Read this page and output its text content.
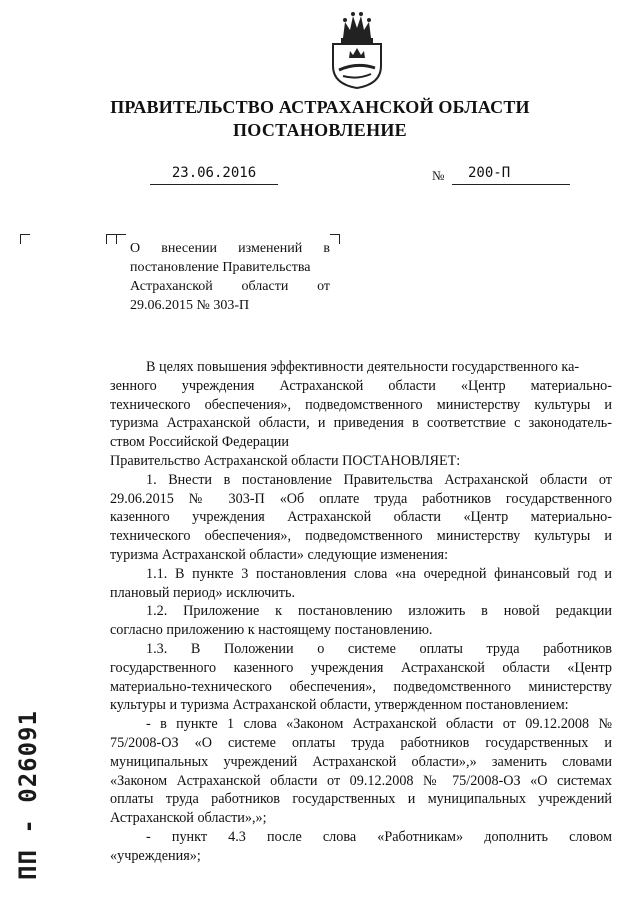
ПРАВИТЕЛЬСТВО АСТРАХАНСКОЙ ОБЛАСТИ
ПОСТАНОВЛЕНИЕ
23.06.2016	№	200-П
О внесении изменений в
постановление Правительства
Астраханской области от
29.06.2015 № 303-П
В целях повышения эффективности деятельности государственного ка-
зенного учреждения Астраханской области «Центр материально-
технического обеспечения», подведомственного министерству культуры и
туризма Астраханской области, и приведения в соответствие с законодатель-
ством Российской Федерации
Правительство Астраханской области ПОСТАНОВЛЯЕТ:
1. Внести в постановление Правительства Астраханской области от
29.06.2015 № 303-П «Об оплате труда работников государственного
казенного учреждения Астраханской области «Центр материально-
технического обеспечения», подведомственного министерству культуры и
туризма Астраханской области» следующие изменения:
1.1. В пункте 3 постановления слова «на очередной финансовый год и
плановый период» исключить.
1.2. Приложение к постановлению изложить в новой редакции
согласно приложению к настоящему постановлению.
1.3. В Положении о системе оплаты труда работников
государственного казенного учреждения Астраханской области «Центр
материально-технического обеспечения», подведомственного министерству
культуры и туризма Астраханской области, утвержденном постановлением:
- в пункте 1 слова «Законом Астраханской области от 09.12.2008 №
75/2008-ОЗ «О системе оплаты труда работников государственных и
муниципальных учреждений Астраханской области»,» заменить словами
«Законом Астраханской области от 09.12.2008 № 75/2008-ОЗ «О системах
оплаты труда работников государственных и муниципальных учреждений
Астраханской области»,»;
- пункт 4.3 после слова «Работникам» дополнить словом
«учреждения»;
ПП - 026091
